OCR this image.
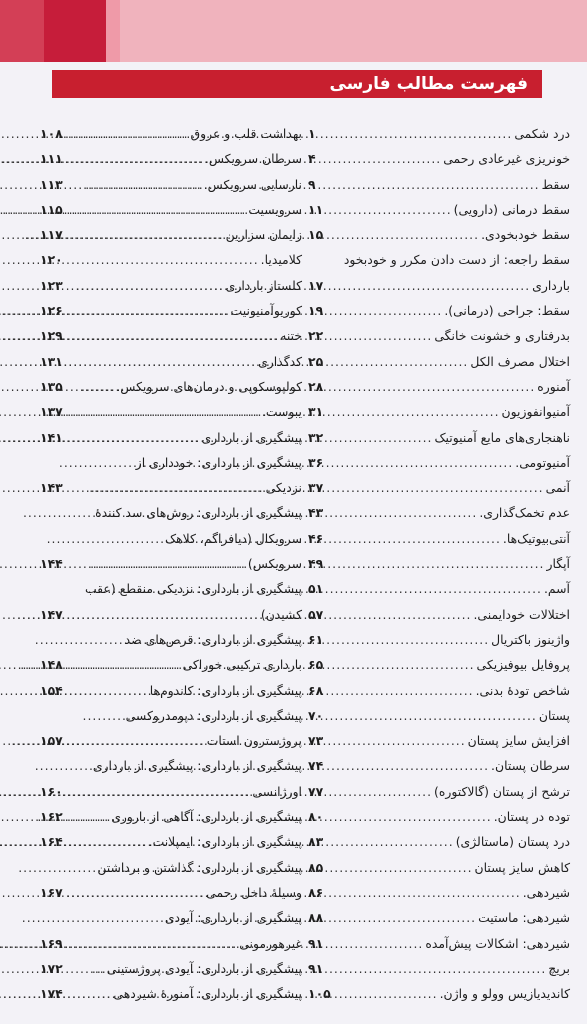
فهرست مطالب فارسی
درد شکمی
.....
۱
خونریزی غیرعادی رحمی
.....
۴
سقط
.....
۹
سقط درمانی (دارویی)
.....
۱۱
سقط خودبخودی.
.....
۱۵
سقط راجعه: از دست دادن مکرر و خودبخود
بارداری
.....
۱۷
سقط: جراحی (درمانی).
.....
۱۹
بدرفتاری و خشونت خانگی
.....
۲۲
اختلال مصرف الکل
.....
۲۵
آمنوره
.....
۲۸
آمنیوانفوزیون
.....
۳۱
ناهنجاری‌های مایع آمنیوتیک
.....
۳۲
آمنیوتومی.
.....
۳۶
آنمی
.....
۳۷
عدم تخمک‌گذاری.
.....
۴۳
آنتی‌بیوتیک‌ها.
.....
۴۶
آپگار
.....
۴۹
آسم.
.....
۵۱
اختلالات خودایمنی.
.....
۵۷
واژینوز باکتریال
.....
۶۱
پروفایل بیوفیزیکی
.....
۶۵
شاخص تودهٔ بدنی.
.....
۶۸
پستان
.....
۷۰
افزایش سایز پستان
.....
۷۳
سرطان پستان.
.....
۷۴
ترشح از پستان (گالاکتوره)
.....
۷۷
توده در پستان.
.....
۸۰
درد پستان (ماستالژی)
.....
۸۳
کاهش سایز پستان
.....
۸۵
شیردهی.
.....
۸۶
شیردهی: ماستیت
.....
۸۸
شیردهی: اشکالات پیش‌آمده
.....
۹۱
بریچ
.....
۹۱
کاندیدیازیس وولو و واژن.
.....
۱۰۵
بهداشت قلب و عروق
.....
۱۰۸
سرطان سرویکس.
.....
۱۱۱
نارسایی سرویکس.
.....
۱۱۳
سرویسیت
.....
۱۱۵
زایمان سزارین
.....
۱۱۷
کلامیدیا.
.....
۱۲۰
کلستاز بارداری
.....
۱۲۳
کوریوآمنیونیت
.....
۱۲۶
ختنه
.....
۱۲۹
کدگذاری
.....
۱۳۱
کولپوسکوپی و درمان‌های سرویکس.
.....
۱۳۵
یبوست.
.....
۱۳۷
پیشگیری از بارداری
.....
۱۴۱
پیشگیری از بارداری: خودداری از
نزدیکی
.....
۱۴۳
پیشگیری از بارداری: روش‌های سد کنندهٔ
سرویکال (دیافراگم، کلاهک
سرویکس)
.....
۱۴۴
پیشگیری از بارداری: نزدیکی منقطع (عقب
کشیدن)
.....
۱۴۷
پیشگیری از بارداری: قرص‌های ضد
بارداری ترکیبی خوراکی
.....
۱۴۸
پیشگیری از بارداری: کاندوم‌ها
.....
۱۵۴
پیشگیری از بارداری: دپومدروکسی
پروژسترون استات
.....
۱۵۷
پیشگیری از بارداری: پیشگیری از بارداری
اورژانسی
.....
۱۶۰
پیشگیری از بارداری: آگاهی از باروری
.....
۱۶۲
پیشگیری از بارداری: ایمپلانت.
.....
۱۶۴
پیشگیری از بارداری: گذاشتن و برداشتن
وسیلهٔ داخل رحمی
.....
۱۶۷
پیشگیری از بارداری: آیودی
غیرهورمونی
.....
۱۶۹
پیشگیری از بارداری: آیودی پروژستینی
.....
۱۷۲
پیشگیری از بارداری: آمنورهٔ شیردهی
.....
۱۷۴
